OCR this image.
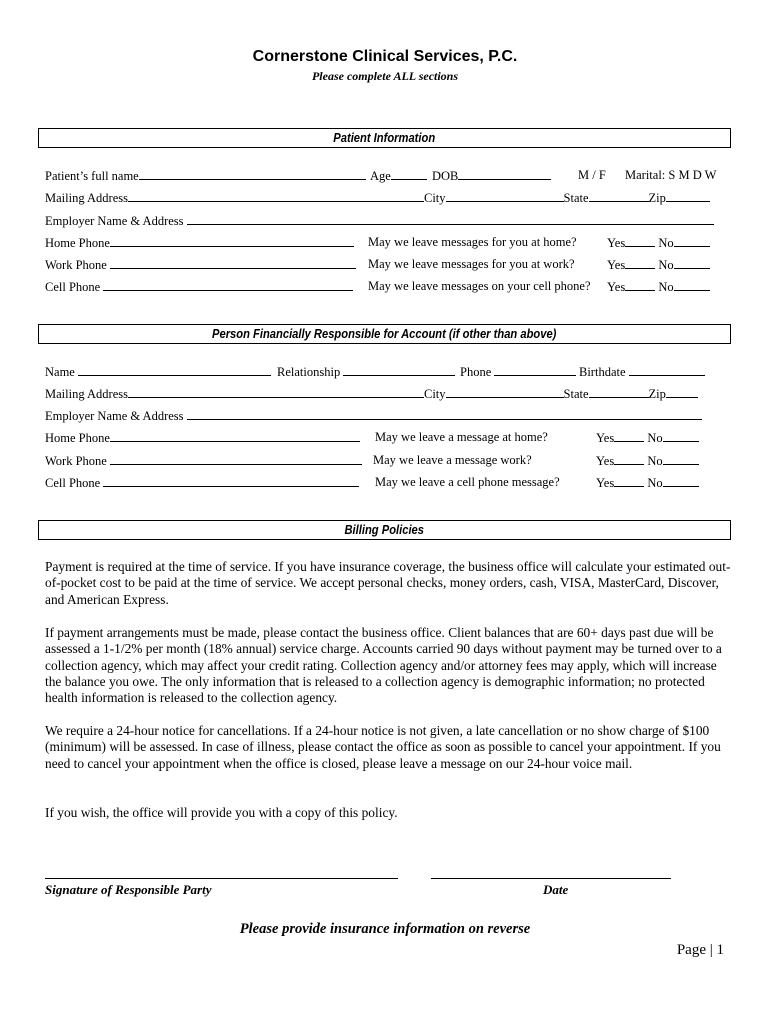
Cornerstone Clinical Services, P.C.
Please complete ALL sections
Patient Information
Patient’s full name	Age	DOB	M / F Marital: S M D W
Mailing Address	City	State	Zip
Employer Name & Address
Home Phone	May we leave messages for you at home? Yes	No
Work Phone	May we leave messages for you at work?	Yes	No
Cell Phone	May we leave messages on your cell phone? Yes	No
Person Financially Responsible for Account (if other than above)
Name	Relationship	Phone	Birthdate
Mailing Address	City	State	Zip
Employer Name & Address
Home Phone	May we leave a message at home?	Yes	No
Work Phone	May we leave a message work?	Yes	No
Cell Phone	May we leave a cell phone message?	Yes	No
Billing Policies
Payment is required at the time of service. If you have insurance coverage, the business office will calculate your estimated out-of-pocket cost to be paid at the time of service. We accept personal checks, money orders, cash, VISA, MasterCard, Discover, and American Express.
If payment arrangements must be made, please contact the business office. Client balances that are 60+ days past due will be assessed a 1-1/2% per month (18% annual) service charge. Accounts carried 90 days without payment may be turned over to a collection agency, which may affect your credit rating. Collection agency and/or attorney fees may apply, which will increase the balance you owe. The only information that is released to a collection agency is demographic information; no protected health information is released to the collection agency.
We require a 24-hour notice for cancellations. If a 24-hour notice is not given, a late cancellation or no show charge of $100 (minimum) will be assessed. In case of illness, please contact the office as soon as possible to cancel your appointment. If you need to cancel your appointment when the office is closed, please leave a message on our 24-hour voice mail.
If you wish, the office will provide you with a copy of this policy.
Signature of Responsible Party	Date
Please provide insurance information on reverse
Page | 1
